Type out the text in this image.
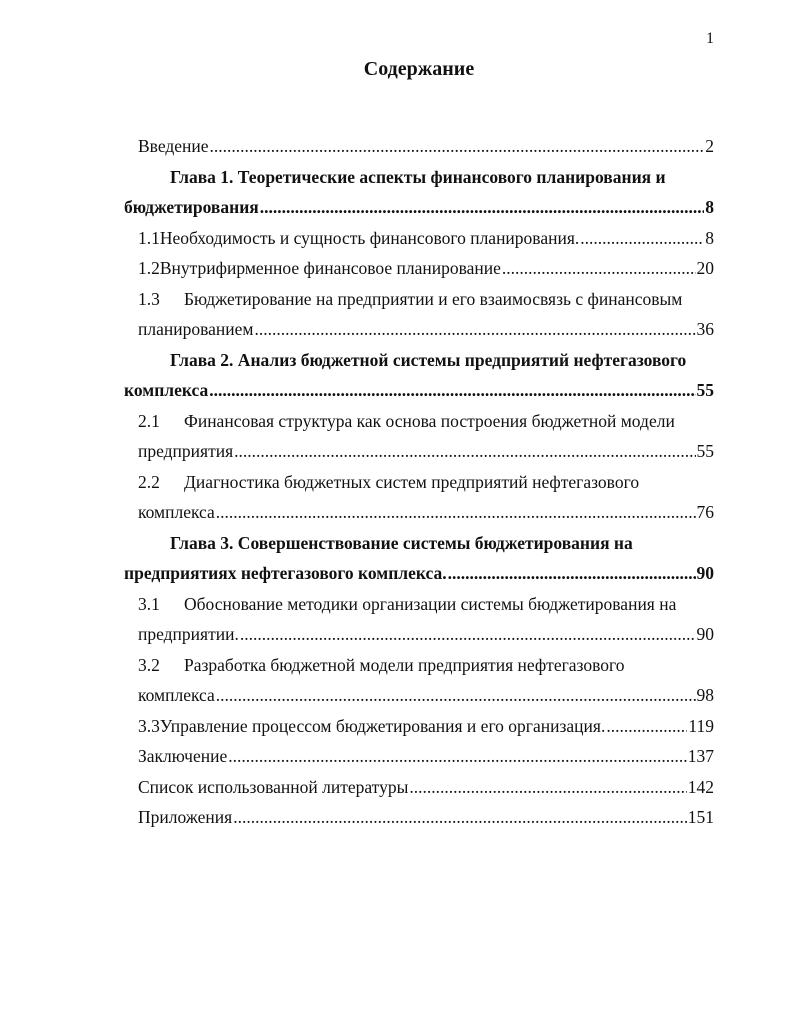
1
Содержание
Введение .....	2
Глава 1. Теоретические аспекты финансового планирования и
бюджетирования .....	8
1.1 Необходимость и сущность финансового планирования. .....	8
1.2 Внутрифирменное финансовое планирование .....	20
1.3 Бюджетирование на предприятии и его взаимосвязь с финансовым
планированием .....	36
Глава 2. Анализ бюджетной системы предприятий нефтегазового
комплекса .....	55
2.1 Финансовая структура как основа построения бюджетной модели
предприятия .....	55
2.2 Диагностика бюджетных систем предприятий нефтегазового
комплекса .....	76
Глава 3. Совершенствование системы бюджетирования на
предприятиях нефтегазового комплекса. .....	90
3.1 Обоснование методики организации системы бюджетирования на
предприятии. .....	90
3.2 Разработка бюджетной модели предприятия нефтегазового
комплекса .....	98
3.3 Управление процессом бюджетирования и его организация. .....	119
Заключение .....	137
Список использованной литературы .....	142
Приложения .....	151
